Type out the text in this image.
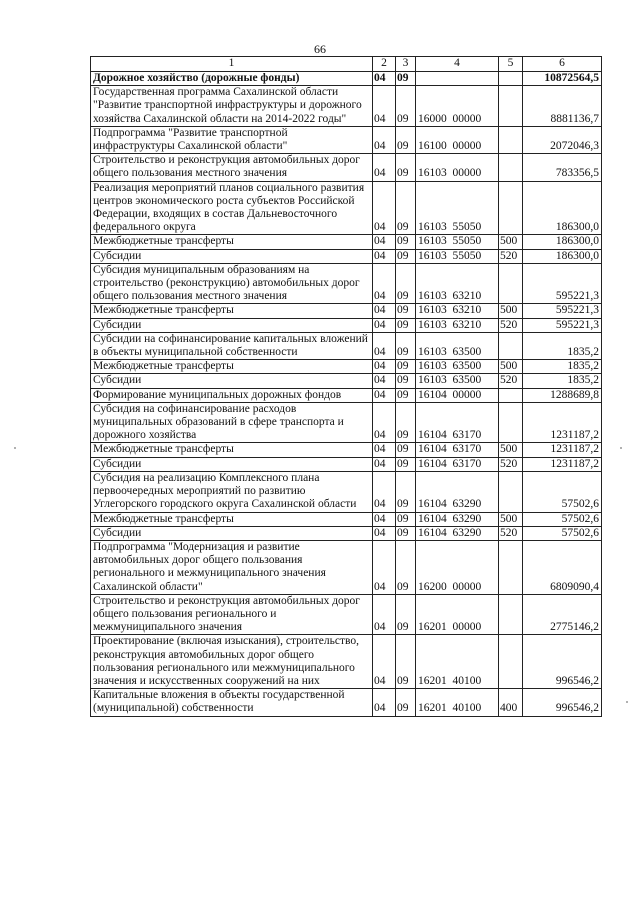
66
1	2	3	4	5	6
Дорожное хозяйство (дорожные фонды)	04	09			10872564,5
Государственная программа Сахалинской области "Развитие транспортной инфраструктуры и дорожного хозяйства Сахалинской области на 2014-2022 годы"	04	09	16000  00000		8881136,7
Подпрограмма "Развитие транспортной инфраструктуры Сахалинской области"	04	09	16100  00000		2072046,3
Строительство и реконструкция автомобильных дорог общего пользования местного значения	04	09	16103  00000		783356,5
Реализация мероприятий планов социального развития центров экономического роста субъектов Российской Федерации, входящих в состав Дальневосточного федерального округа	04	09	16103  55050		186300,0
Межбюджетные трансферты	04	09	16103  55050	500	186300,0
Субсидии	04	09	16103  55050	520	186300,0
Субсидия муниципальным образованиям на строительство (реконструкцию) автомобильных дорог общего пользования местного значения	04	09	16103  63210		595221,3
Межбюджетные трансферты	04	09	16103  63210	500	595221,3
Субсидии	04	09	16103  63210	520	595221,3
Субсидии на софинансирование капитальных вложений в объекты муниципальной собственности	04	09	16103  63500		1835,2
Межбюджетные трансферты	04	09	16103  63500	500	1835,2
Субсидии	04	09	16103  63500	520	1835,2
Формирование муниципальных дорожных фондов	04	09	16104  00000		1288689,8
Субсидия на софинансирование расходов муниципальных образований в сфере транспорта и дорожного хозяйства	04	09	16104  63170		1231187,2
Межбюджетные трансферты	04	09	16104  63170	500	1231187,2
Субсидии	04	09	16104  63170	520	1231187,2
Субсидия на реализацию Комплексного плана первоочередных мероприятий по развитию Углегорского городского округа Сахалинской области	04	09	16104  63290		57502,6
Межбюджетные трансферты	04	09	16104  63290	500	57502,6
Субсидии	04	09	16104  63290	520	57502,6
Подпрограмма "Модернизация и развитие автомобильных дорог общего пользования регионального и межмуниципального значения Сахалинской области"	04	09	16200  00000		6809090,4
Строительство и реконструкция автомобильных дорог общего пользования регионального и межмуниципального значения	04	09	16201  00000		2775146,2
Проектирование (включая изыскания), строительство, реконструкция автомобильных дорог общего пользования регионального или межмуниципального значения и искусственных сооружений на них	04	09	16201  40100		996546,2
Капитальные вложения в объекты государственной (муниципальной) собственности	04	09	16201  40100	400	996546,2
